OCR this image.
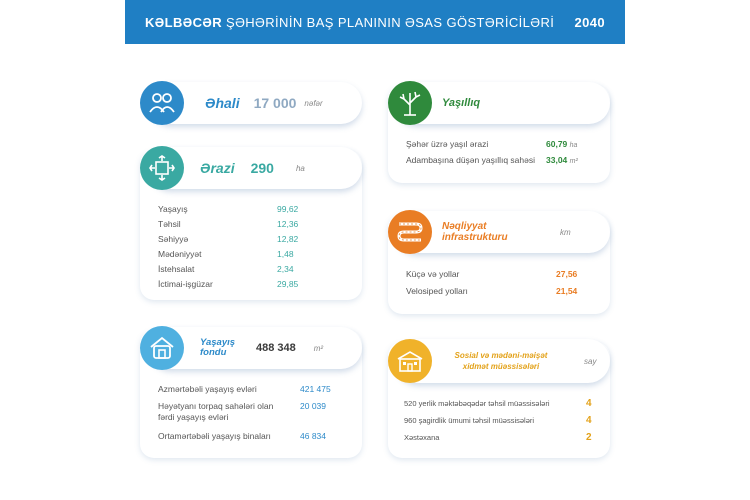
KƏLBƏCƏR ŞƏHƏRİNİN BAŞ PLANININ ƏSAS GÖSTƏRİCİLƏRİ 2040
Əhali 17 000 nəfər
Yaşayış	99,62
Təhsil	12,36
Səhiyyə	12,82
Mədəniyyət	1,48
İstehsalat	2,34
İctimai-işgüzar	29,85
Ərazi 290	ha
Azmərtəbəli yaşayış evləri	421 475
Həyətyanı torpaq sahələri olan fərdi yaşayış evləri
20 039
Ortamərtəbəli yaşayış binaları	46 834
Yaşayış fondu	488 348 m²
Şəhər üzrə yaşıl ərazi	60,79 ha
Adambaşına düşən yaşıllıq sahəsi 33,04 m²
Yaşıllıq
Küçə və yollar	27,56
Velosiped yolları	21,54
Nəqliyyat infrastrukturu	km
520 yerlik məktəbəqədər təhsil müəssisələri	4
960 şagirdlik ümumi təhsil müəssisələri	4
Xəstəxana	2
Sosial və mədəni-məişət xidmət müəssisələri
say
